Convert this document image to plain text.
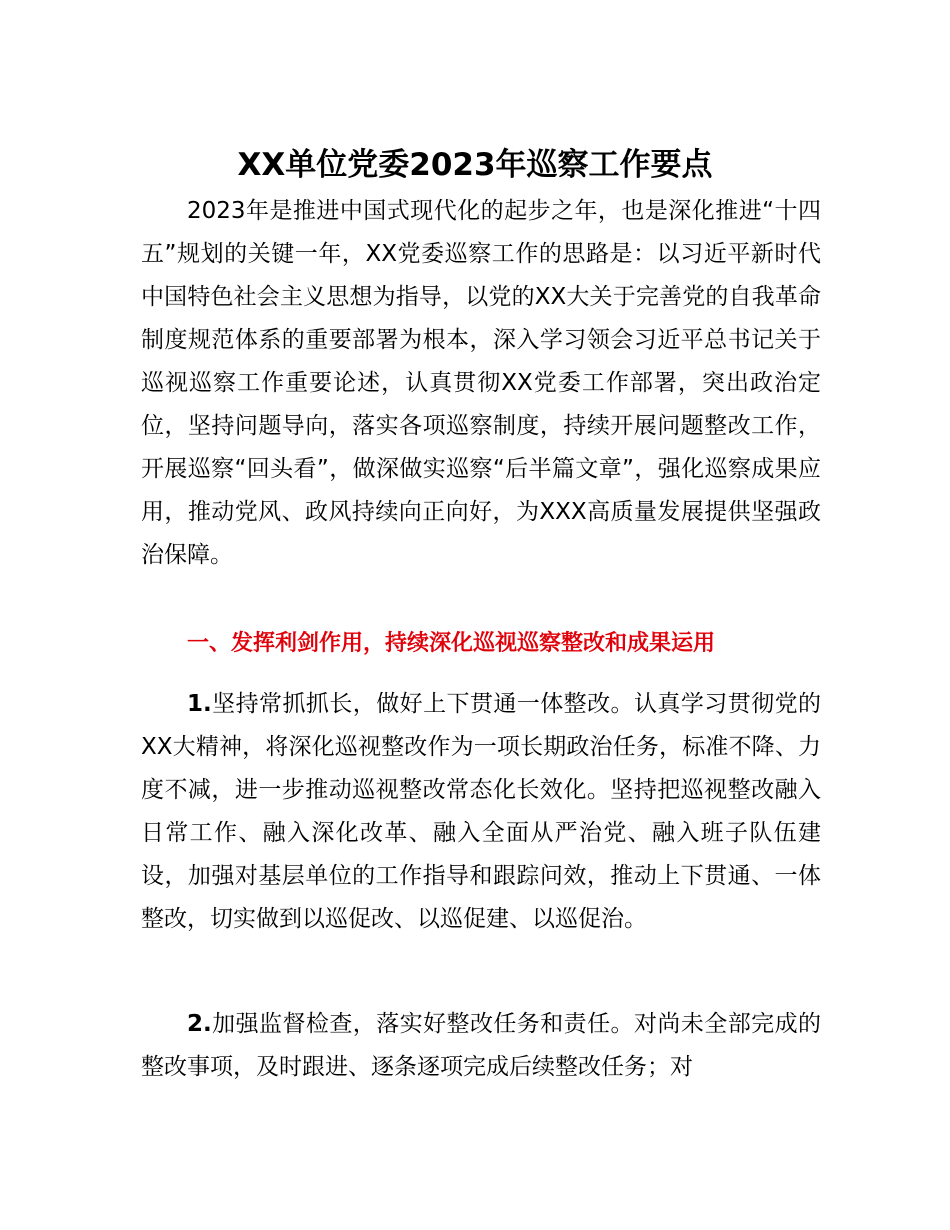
XX单位党委2023年巡察工作要点

2023年是推进中国式现代化的起步之年，也是深化推进“十四五”规划的关键一年，XX党委巡察工作的思路是：以习近平新时代中国特色社会主义思想为指导，以党的XX大关于完善党的自我革命制度规范体系的重要部署为根本，深入学习领会习近平总书记关于巡视巡察工作重要论述，认真贯彻XX党委工作部署，突出政治定位，坚持问题导向，落实各项巡察制度，持续开展问题整改工作，开展巡察“回头看”，做深做实巡察“后半篇文章”，强化巡察成果应用，推动党风、政风持续向正向好，为XXX高质量发展提供坚强政治保障。

一、发挥利剑作用，持续深化巡视巡察整改和成果运用

1.坚持常抓抓长，做好上下贯通一体整改。认真学习贯彻党的XX大精神，将深化巡视整改作为一项长期政治任务，标准不降、力度不减，进一步推动巡视整改常态化长效化。坚持把巡视整改融入日常工作、融入深化改革、融入全面从严治党、融入班子队伍建设，加强对基层单位的工作指导和跟踪问效，推动上下贯通、一体整改，切实做到以巡促改、以巡促建、以巡促治。

2.加强监督检查，落实好整改任务和责任。对尚未全部完成的整改事项，及时跟进、逐条逐项完成后续整改任务；对
